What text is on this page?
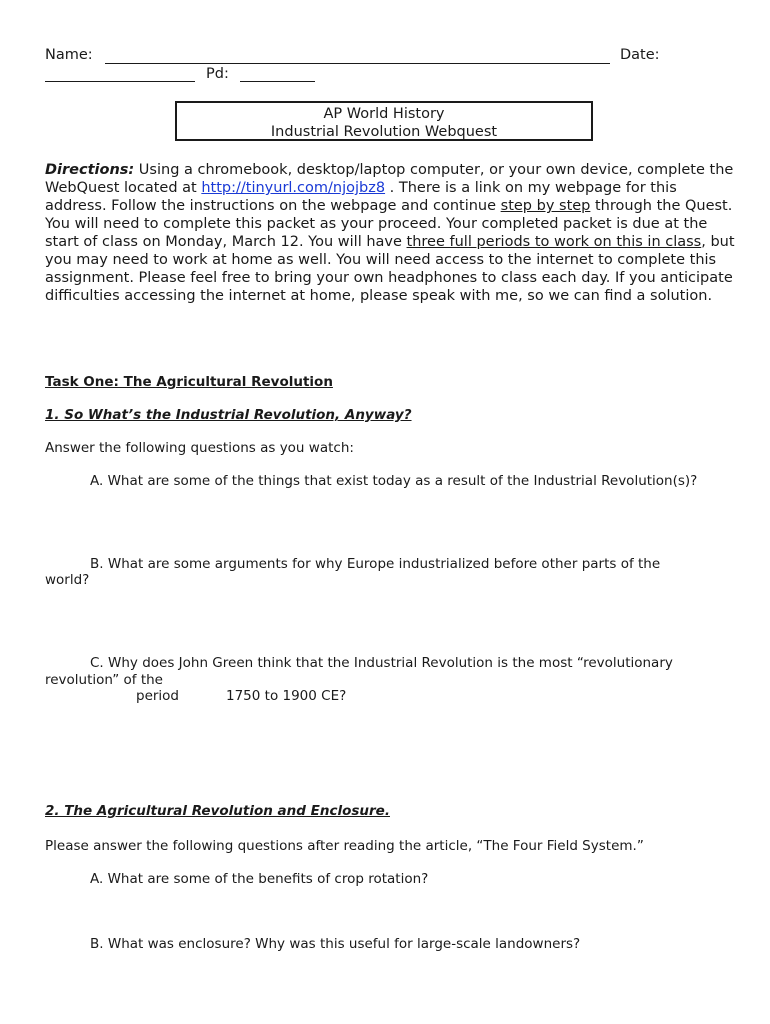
Name:	Date:
Pd:
AP World History
Industrial Revolution Webquest
Directions: Using a chromebook, desktop/laptop computer, or your own device, complete the WebQuest located at http://tinyurl.com/njojbz8 . There is a link on my webpage for this address. Follow the instructions on the webpage and continue step by step through the Quest. You will need to complete this packet as your proceed. Your completed packet is due at the start of class on Monday, March 12. You will have three full periods to work on this in class, but you may need to work at home as well. You will need access to the internet to complete this assignment. Please feel free to bring your own headphones to class each day. If you anticipate difficulties accessing the internet at home, please speak with me, so we can find a solution.
Task One: The Agricultural Revolution
1. So What’s the Industrial Revolution, Anyway?
Answer the following questions as you watch:
A. What are some of the things that exist today as a result of the Industrial Revolution(s)?
B. What are some arguments for why Europe industrialized before other parts of the
world?
C. Why does John Green think that the Industrial Revolution is the most “revolutionary
revolution” of the
period	1750 to 1900 CE?
2. The Agricultural Revolution and Enclosure.
Please answer the following questions after reading the article, “The Four Field System.”
A. What are some of the benefits of crop rotation?
B. What was enclosure? Why was this useful for large-scale landowners?
